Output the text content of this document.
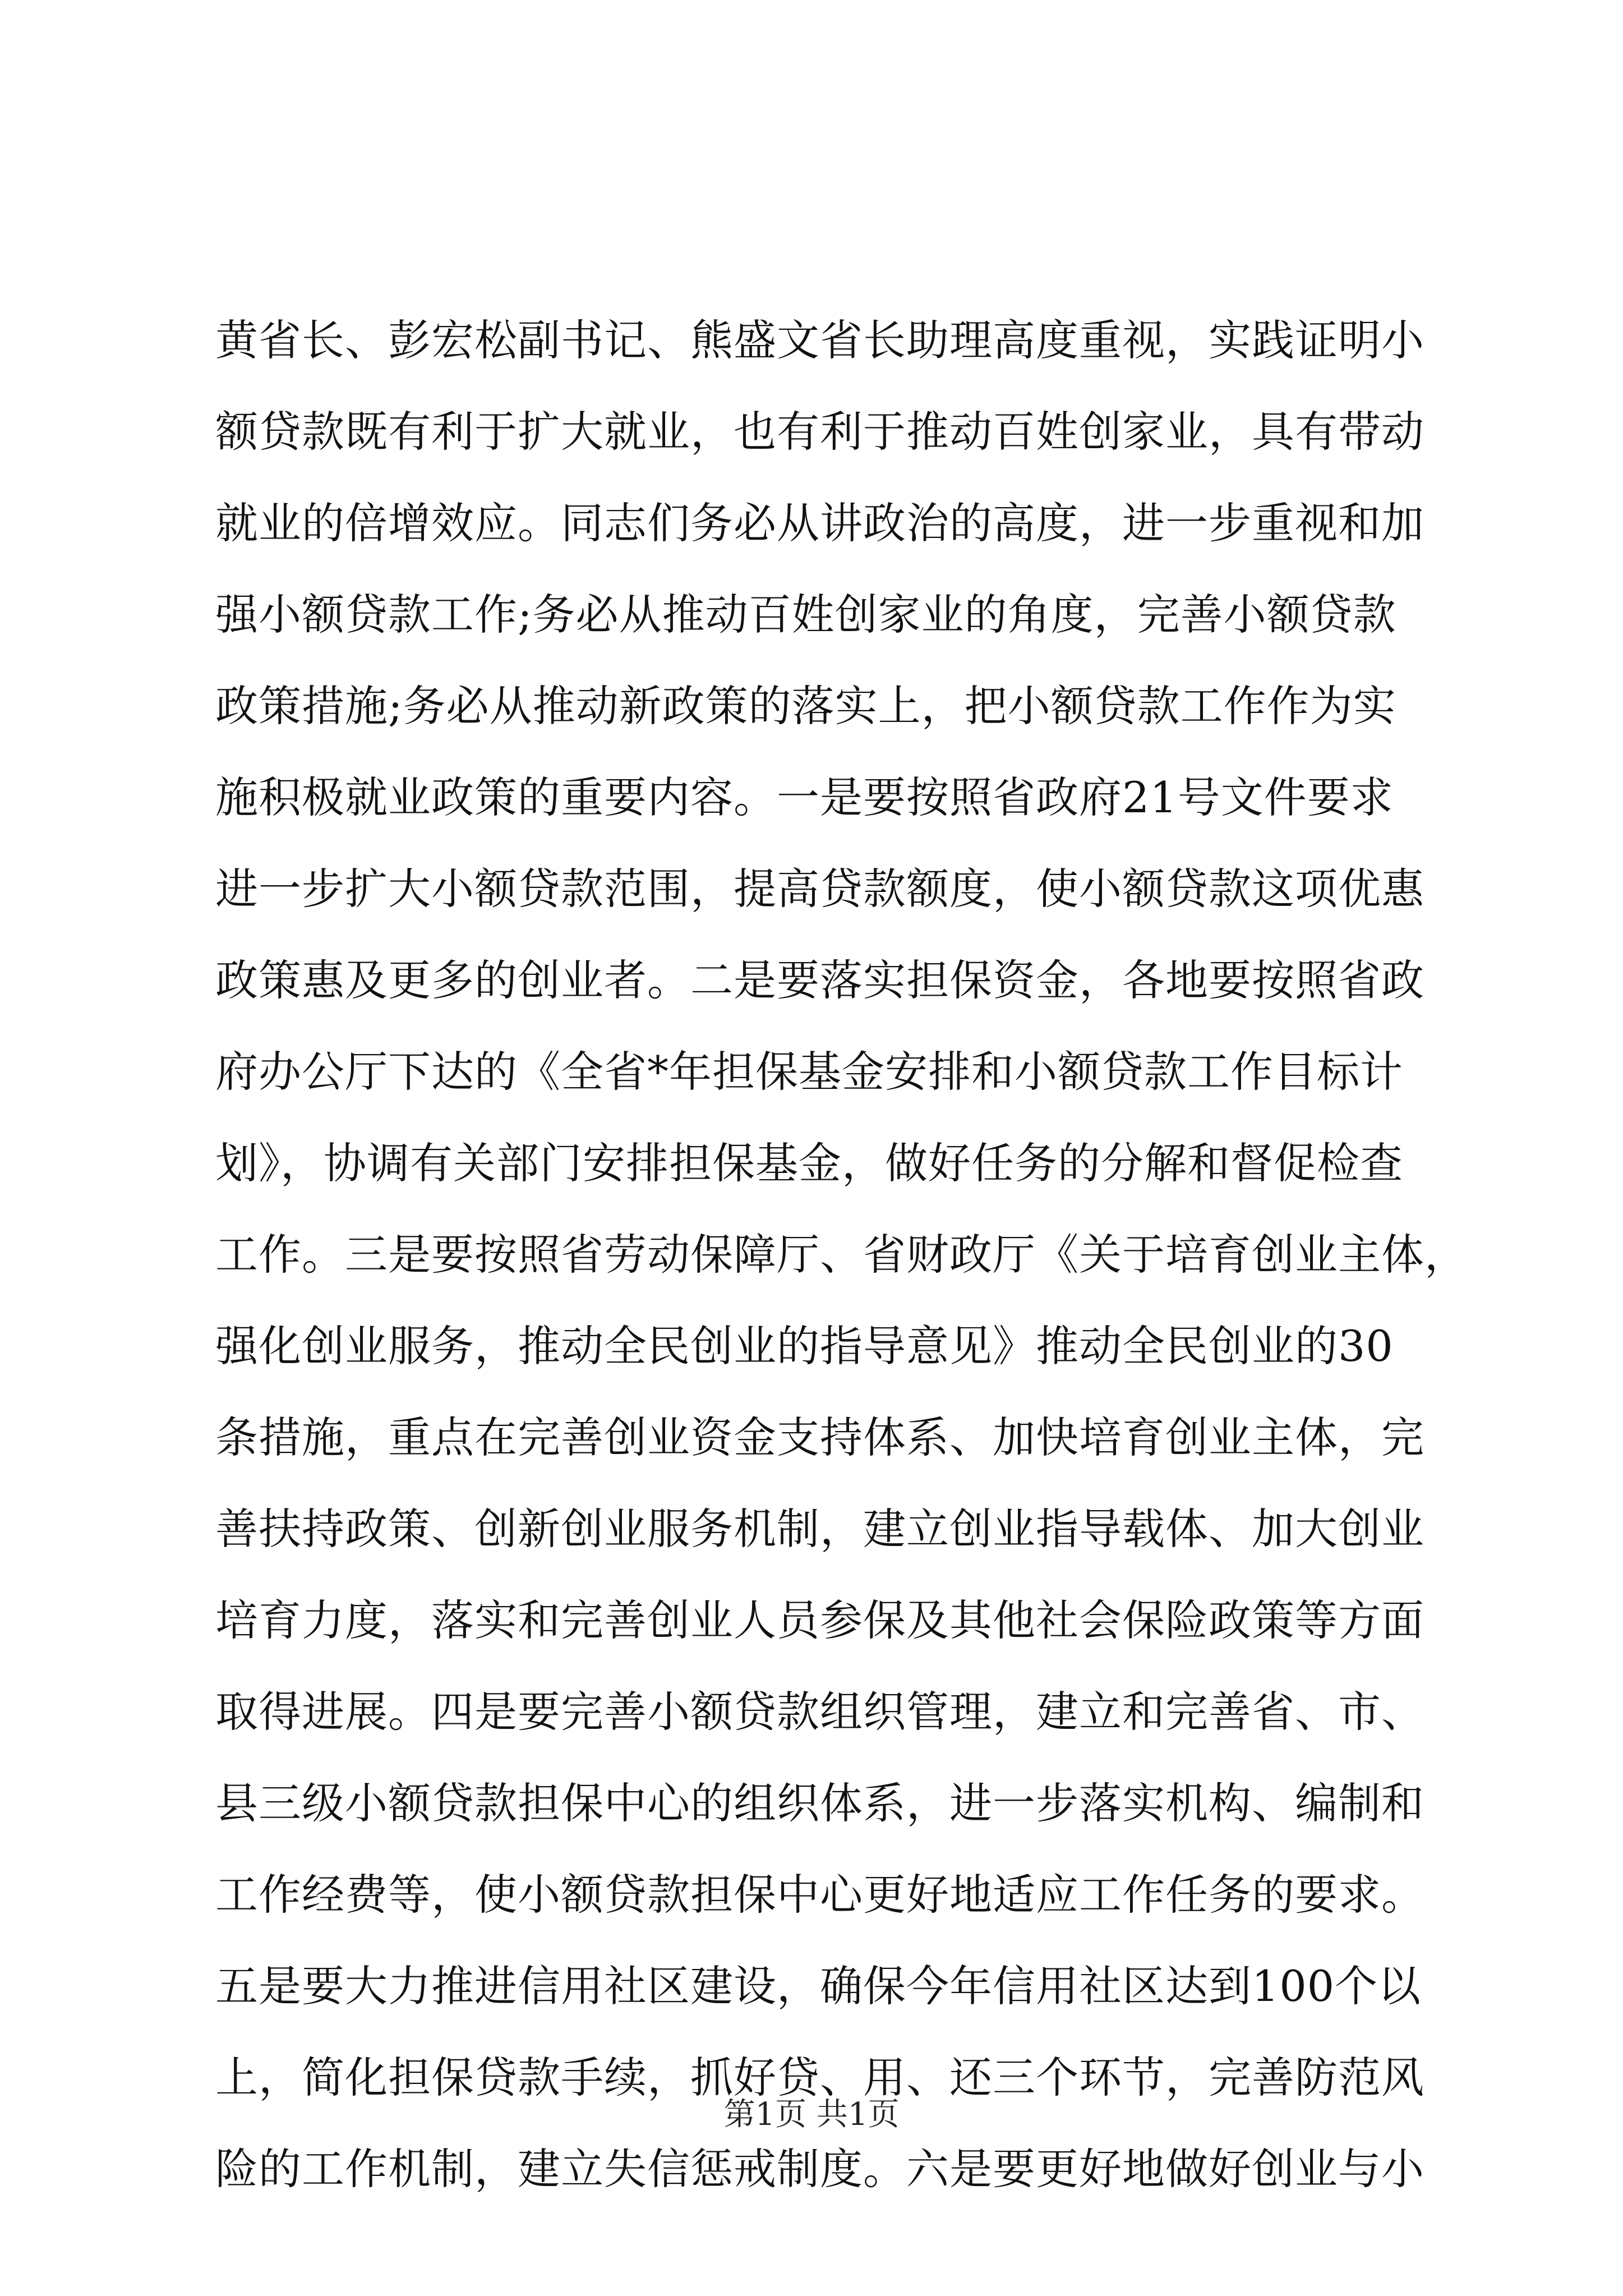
黄省长、彭宏松副书记、熊盛文省长助理高度重视，实践证明小
额贷款既有利于扩大就业，也有利于推动百姓创家业，具有带动
就业的倍增效应。同志们务必从讲政治的高度，进一步重视和加
强小额贷款工作;务必从推动百姓创家业的角度，完善小额贷款
政策措施;务必从推动新政策的落实上，把小额贷款工作作为实
施积极就业政策的重要内容。一是要按照省政府21号文件要求
进一步扩大小额贷款范围，提高贷款额度，使小额贷款这项优惠
政策惠及更多的创业者。二是要落实担保资金，各地要按照省政
府办公厅下达的《全省*年担保基金安排和小额贷款工作目标计
划》，协调有关部门安排担保基金，做好任务的分解和督促检查
工作。三是要按照省劳动保障厅、省财政厅《关于培育创业主体，
强化创业服务，推动全民创业的指导意见》推动全民创业的30
条措施，重点在完善创业资金支持体系、加快培育创业主体，完
善扶持政策、创新创业服务机制，建立创业指导载体、加大创业
培育力度，落实和完善创业人员参保及其他社会保险政策等方面
取得进展。四是要完善小额贷款组织管理，建立和完善省、市、
县三级小额贷款担保中心的组织体系，进一步落实机构、编制和
工作经费等，使小额贷款担保中心更好地适应工作任务的要求。
五是要大力推进信用社区建设，确保今年信用社区达到100个以
上，简化担保贷款手续，抓好贷、用、还三个环节，完善防范风
险的工作机制，建立失信惩戒制度。六是要更好地做好创业与小
第1页 共1页
